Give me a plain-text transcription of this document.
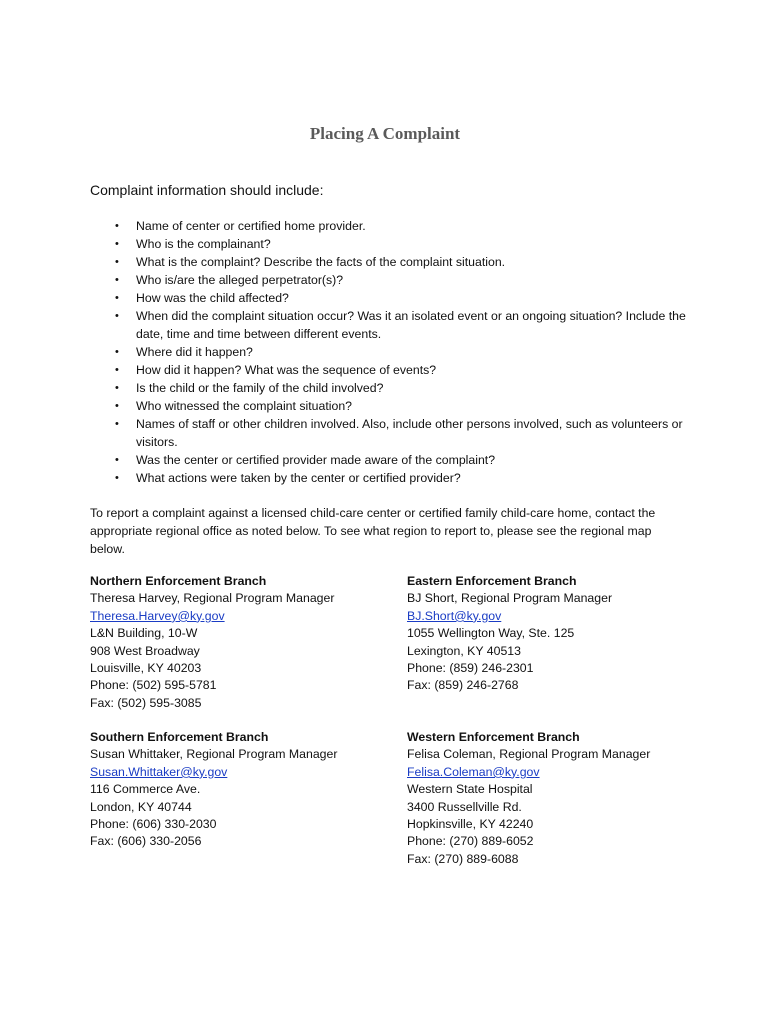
Placing A Complaint

Complaint information should include:

• Name of center or certified home provider.
• Who is the complainant?
• What is the complaint? Describe the facts of the complaint situation.
• Who is/are the alleged perpetrator(s)?
• How was the child affected?
• When did the complaint situation occur? Was it an isolated event or an ongoing situation? Include the date, time and time between different events.
• Where did it happen?
• How did it happen? What was the sequence of events?
• Is the child or the family of the child involved?
• Who witnessed the complaint situation?
• Names of staff or other children involved. Also, include other persons involved, such as volunteers or visitors.
• Was the center or certified provider made aware of the complaint?
• What actions were taken by the center or certified provider?

To report a complaint against a licensed child-care center or certified family child-care home, contact the appropriate regional office as noted below. To see what region to report to, please see the regional map below.

Northern Enforcement Branch
Theresa Harvey, Regional Program Manager
Theresa.Harvey@ky.gov
L&N Building, 10-W
908 West Broadway
Louisville, KY 40203
Phone: (502) 595-5781
Fax: (502) 595-3085
Eastern Enforcement Branch
BJ Short, Regional Program Manager
BJ.Short@ky.gov
1055 Wellington Way, Ste. 125
Lexington, KY 40513
Phone: (859) 246-2301
Fax: (859) 246-2768
Southern Enforcement Branch
Susan Whittaker, Regional Program Manager
Susan.Whittaker@ky.gov
116 Commerce Ave.
London, KY 40744
Phone: (606) 330-2030
Fax: (606) 330-2056
Western Enforcement Branch
Felisa Coleman, Regional Program Manager
Felisa.Coleman@ky.gov
Western State Hospital
3400 Russellville Rd.
Hopkinsville, KY 42240
Phone: (270) 889-6052
Fax: (270) 889-6088
